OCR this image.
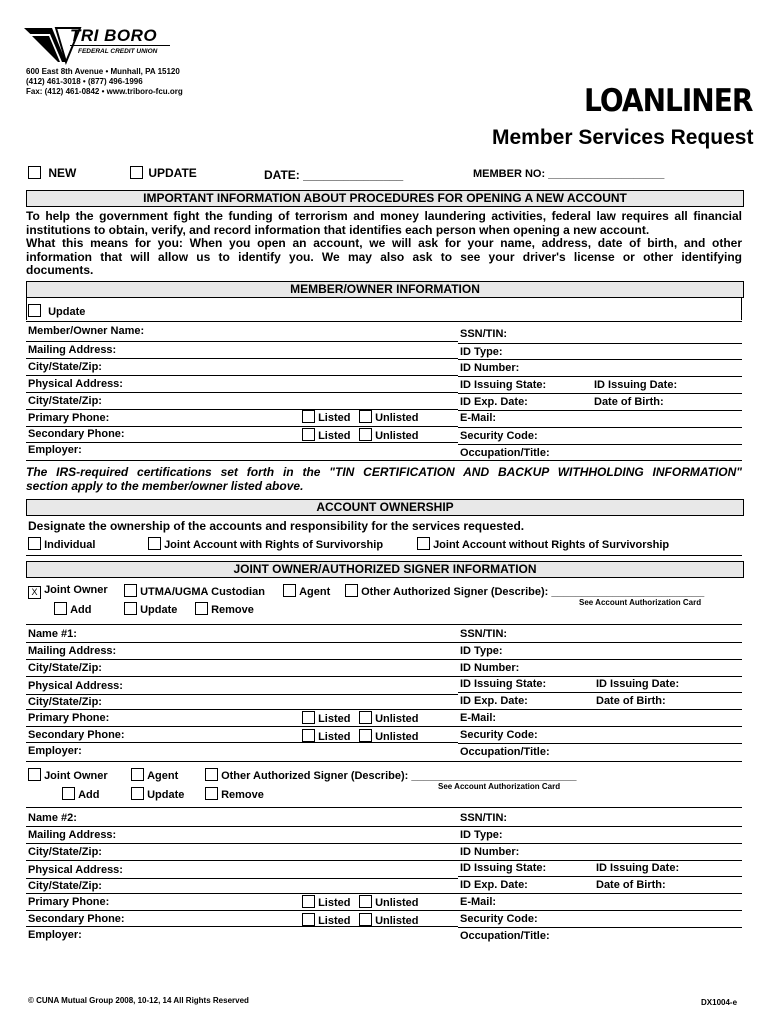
TRI BORO
FEDERAL CREDIT UNION
600 East 8th Avenue • Munhall, PA 15120
(412) 461-3018 • (877) 496-1996
Fax: (412) 461-0842 • www.triboro-fcu.org	LOANLINER
Member Services Request
NEW	UPDATE	DATE: _______________	MEMBER NO: ___________________
IMPORTANT INFORMATION ABOUT PROCEDURES FOR OPENING A NEW ACCOUNT
To help the government fight the funding of terrorism and money laundering activities, federal law requires all financial
institutions to obtain, verify, and record information that identifies each person when opening a new account.
What this means for you: When you open an account, we will ask for your name, address, date of birth, and other
information that will allow us to identify you. We may also ask to see your driver's license or other identifying
documents.
MEMBER/OWNER INFORMATION
Update
Member/Owner Name:	SSN/TIN:
Mailing Address:	ID Type:
City/State/Zip:	ID Number:
Physical Address:	ID Issuing State:	ID Issuing Date:
City/State/Zip:	ID Exp. Date:	Date of Birth:
Primary Phone:	Listed	Unlisted	E-Mail:
Secondary Phone:	Listed	Unlisted	Security Code:
Employer:	Occupation/Title:
The IRS-required certifications set forth in the "TIN CERTIFICATION AND BACKUP WITHHOLDING INFORMATION"
section apply to the member/owner listed above.
ACCOUNT OWNERSHIP
Designate the ownership of the accounts and responsibility for the services requested.
Individual	Joint Account with Rights of Survivorship	Joint Account without Rights of Survivorship
JOINT OWNER/AUTHORIZED SIGNER INFORMATION
X Joint Owner	UTMA/UGMA Custodian	Agent	Other Authorized Signer (Describe): _________________________
See Account Authorization Card
Add	Update	Remove
Name #1:	SSN/TIN:
Mailing Address:	ID Type:
City/State/Zip:	ID Number:
Physical Address:	ID Issuing State:	ID Issuing Date:
City/State/Zip:	ID Exp. Date:	Date of Birth:
Primary Phone:	Listed	Unlisted	E-Mail:
Secondary Phone:	Listed	Unlisted	Security Code:
Employer:	Occupation/Title:
Joint Owner	Agent	Other Authorized Signer (Describe): ___________________________
See Account Authorization Card
Add	Update	Remove
Name #2:	SSN/TIN:
Mailing Address:	ID Type:
City/State/Zip:	ID Number:
Physical Address:	ID Issuing State:	ID Issuing Date:
City/State/Zip:	ID Exp. Date:	Date of Birth:
Primary Phone:	Listed	Unlisted	E-Mail:
Secondary Phone:	Listed	Unlisted	Security Code:
Employer:	Occupation/Title:
© CUNA Mutual Group 2008, 10-12, 14 All Rights Reserved	DX1004-e
